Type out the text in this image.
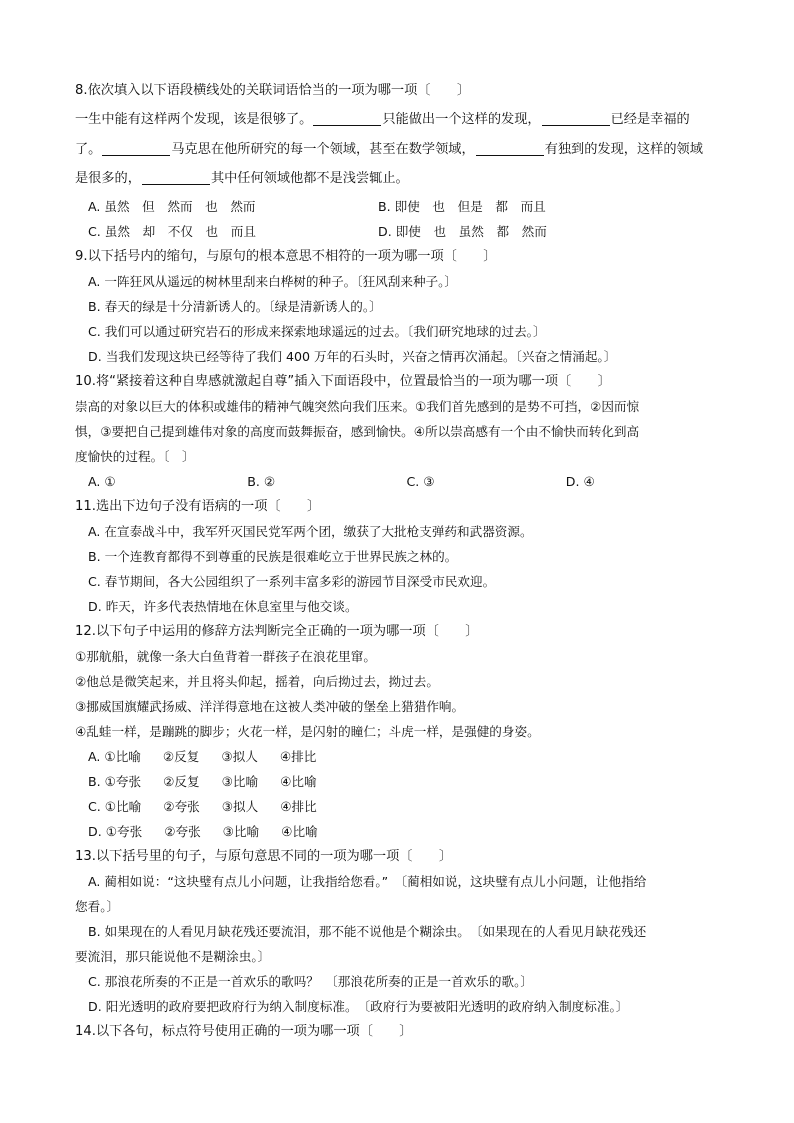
8.依次填入以下语段横线处的关联词语恰当的一项为哪一项〔　　〕

一生中能有这样两个发现，该是很够了。	只能做出一个这样的发现，	已经是幸福的
了。	马克思在他所研究的每一个领域，甚至在数学领域，	有独到的发现，这样的领域
是很多的，	其中任何领域他都不是浅尝辄止。

A. 虽然　但　然而　也　然而	B. 即使　也　但是　都　而且

C. 虽然　却　不仅　也　而且	D. 即使　也　虽然　都　然而

9.以下括号内的缩句，与原句的根本意思不相符的一项为哪一项〔　　〕

A. 一阵狂风从遥远的树林里刮来白桦树的种子。〔狂风刮来种子。〕

B. 春天的绿是十分清新诱人的。〔绿是清新诱人的。〕

C. 我们可以通过研究岩石的形成来探索地球遥远的过去。〔我们研究地球的过去。〕

D. 当我们发现这块已经等待了我们 400 万年的石头时，兴奋之情再次涌起。〔兴奋之情涌起。〕

10.将“紧接着这种自卑感就激起自尊”插入下面语段中，位置最恰当的一项为哪一项〔　　〕

崇高的对象以巨大的体积或雄伟的精神气魄突然向我们压来。①我们首先感到的是势不可挡，②因而惊

惧，③要把自己提到雄伟对象的高度而鼓舞振奋，感到愉快。④所以崇高感有一个由不愉快而转化到高

度愉快的过程。〔　〕

A. ①	B. ②	C. ③	D. ④

11.选出下边句子没有语病的一项〔　　〕

A. 在宣泰战斗中，我军歼灭国民党军两个团，缴获了大批枪支弹药和武器资源。

B. 一个连教育都得不到尊重的民族是很难屹立于世界民族之林的。

C. 春节期间，各大公园组织了一系列丰富多彩的游园节目深受市民欢迎。

D. 昨天，许多代表热情地在休息室里与他交谈。

12.以下句子中运用的修辞方法判断完全正确的一项为哪一项〔　　〕

①那航船，就像一条大白鱼背着一群孩子在浪花里窜。

②他总是微笑起来，并且将头仰起，摇着，向后拗过去，拗过去。

③挪威国旗耀武扬威、洋洋得意地在这被人类冲破的堡垒上猎猎作响。

④乱蛙一样，是蹦跳的脚步；火花一样，是闪射的瞳仁；斗虎一样，是强健的身姿。

A. ①比喻 ②反复 ③拟人 ④排比

B. ①夸张 ②反复 ③比喻 ④比喻

C. ①比喻 ②夸张 ③拟人 ④排比

D. ①夸张 ②夸张 ③比喻 ④比喻

13.以下括号里的句子，与原句意思不同的一项为哪一项〔　　〕

A. 蔺相如说：“这块璧有点儿小问题，让我指给您看。”　〔蔺相如说，这块璧有点儿小问题，让他指给

您看。〕

B. 如果现在的人看见月缺花残还要流泪，那不能不说他是个糊涂虫。　〔如果现在的人看见月缺花残还

要流泪，那只能说他不是糊涂虫。〕

C. 那浪花所奏的不正是一首欢乐的歌吗？　〔那浪花所奏的正是一首欢乐的歌。〕

D. 阳光透明的政府要把政府行为纳入制度标准。　〔政府行为要被阳光透明的政府纳入制度标准。〕

14.以下各句，标点符号使用正确的一项为哪一项〔　　〕
